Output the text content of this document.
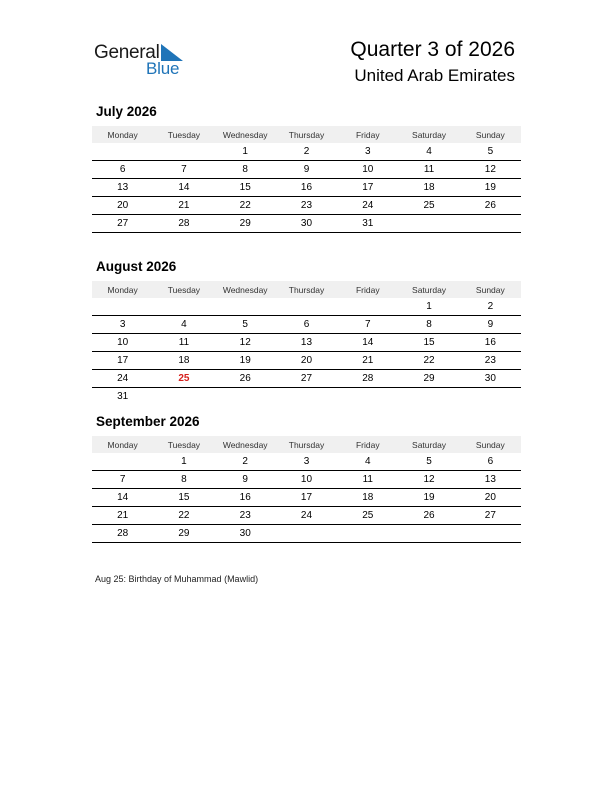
General
Blue
Quarter 3 of 2026
United Arab Emirates
July 2026
Monday	Tuesday	Wednesday	Thursday	Friday	Saturday	Sunday
		1	2	3	4	5
6	7	8	9	10	11	12
13	14	15	16	17	18	19
20	21	22	23	24	25	26
27	28	29	30	31		
August 2026
Monday	Tuesday	Wednesday	Thursday	Friday	Saturday	Sunday
					1	2
3	4	5	6	7	8	9
10	11	12	13	14	15	16
17	18	19	20	21	22	23
24	25	26	27	28	29	30
31						
September 2026
Monday	Tuesday	Wednesday	Thursday	Friday	Saturday	Sunday
	1	2	3	4	5	6
7	8	9	10	11	12	13
14	15	16	17	18	19	20
21	22	23	24	25	26	27
28	29	30				
Aug 25: Birthday of Muhammad (Mawlid)
